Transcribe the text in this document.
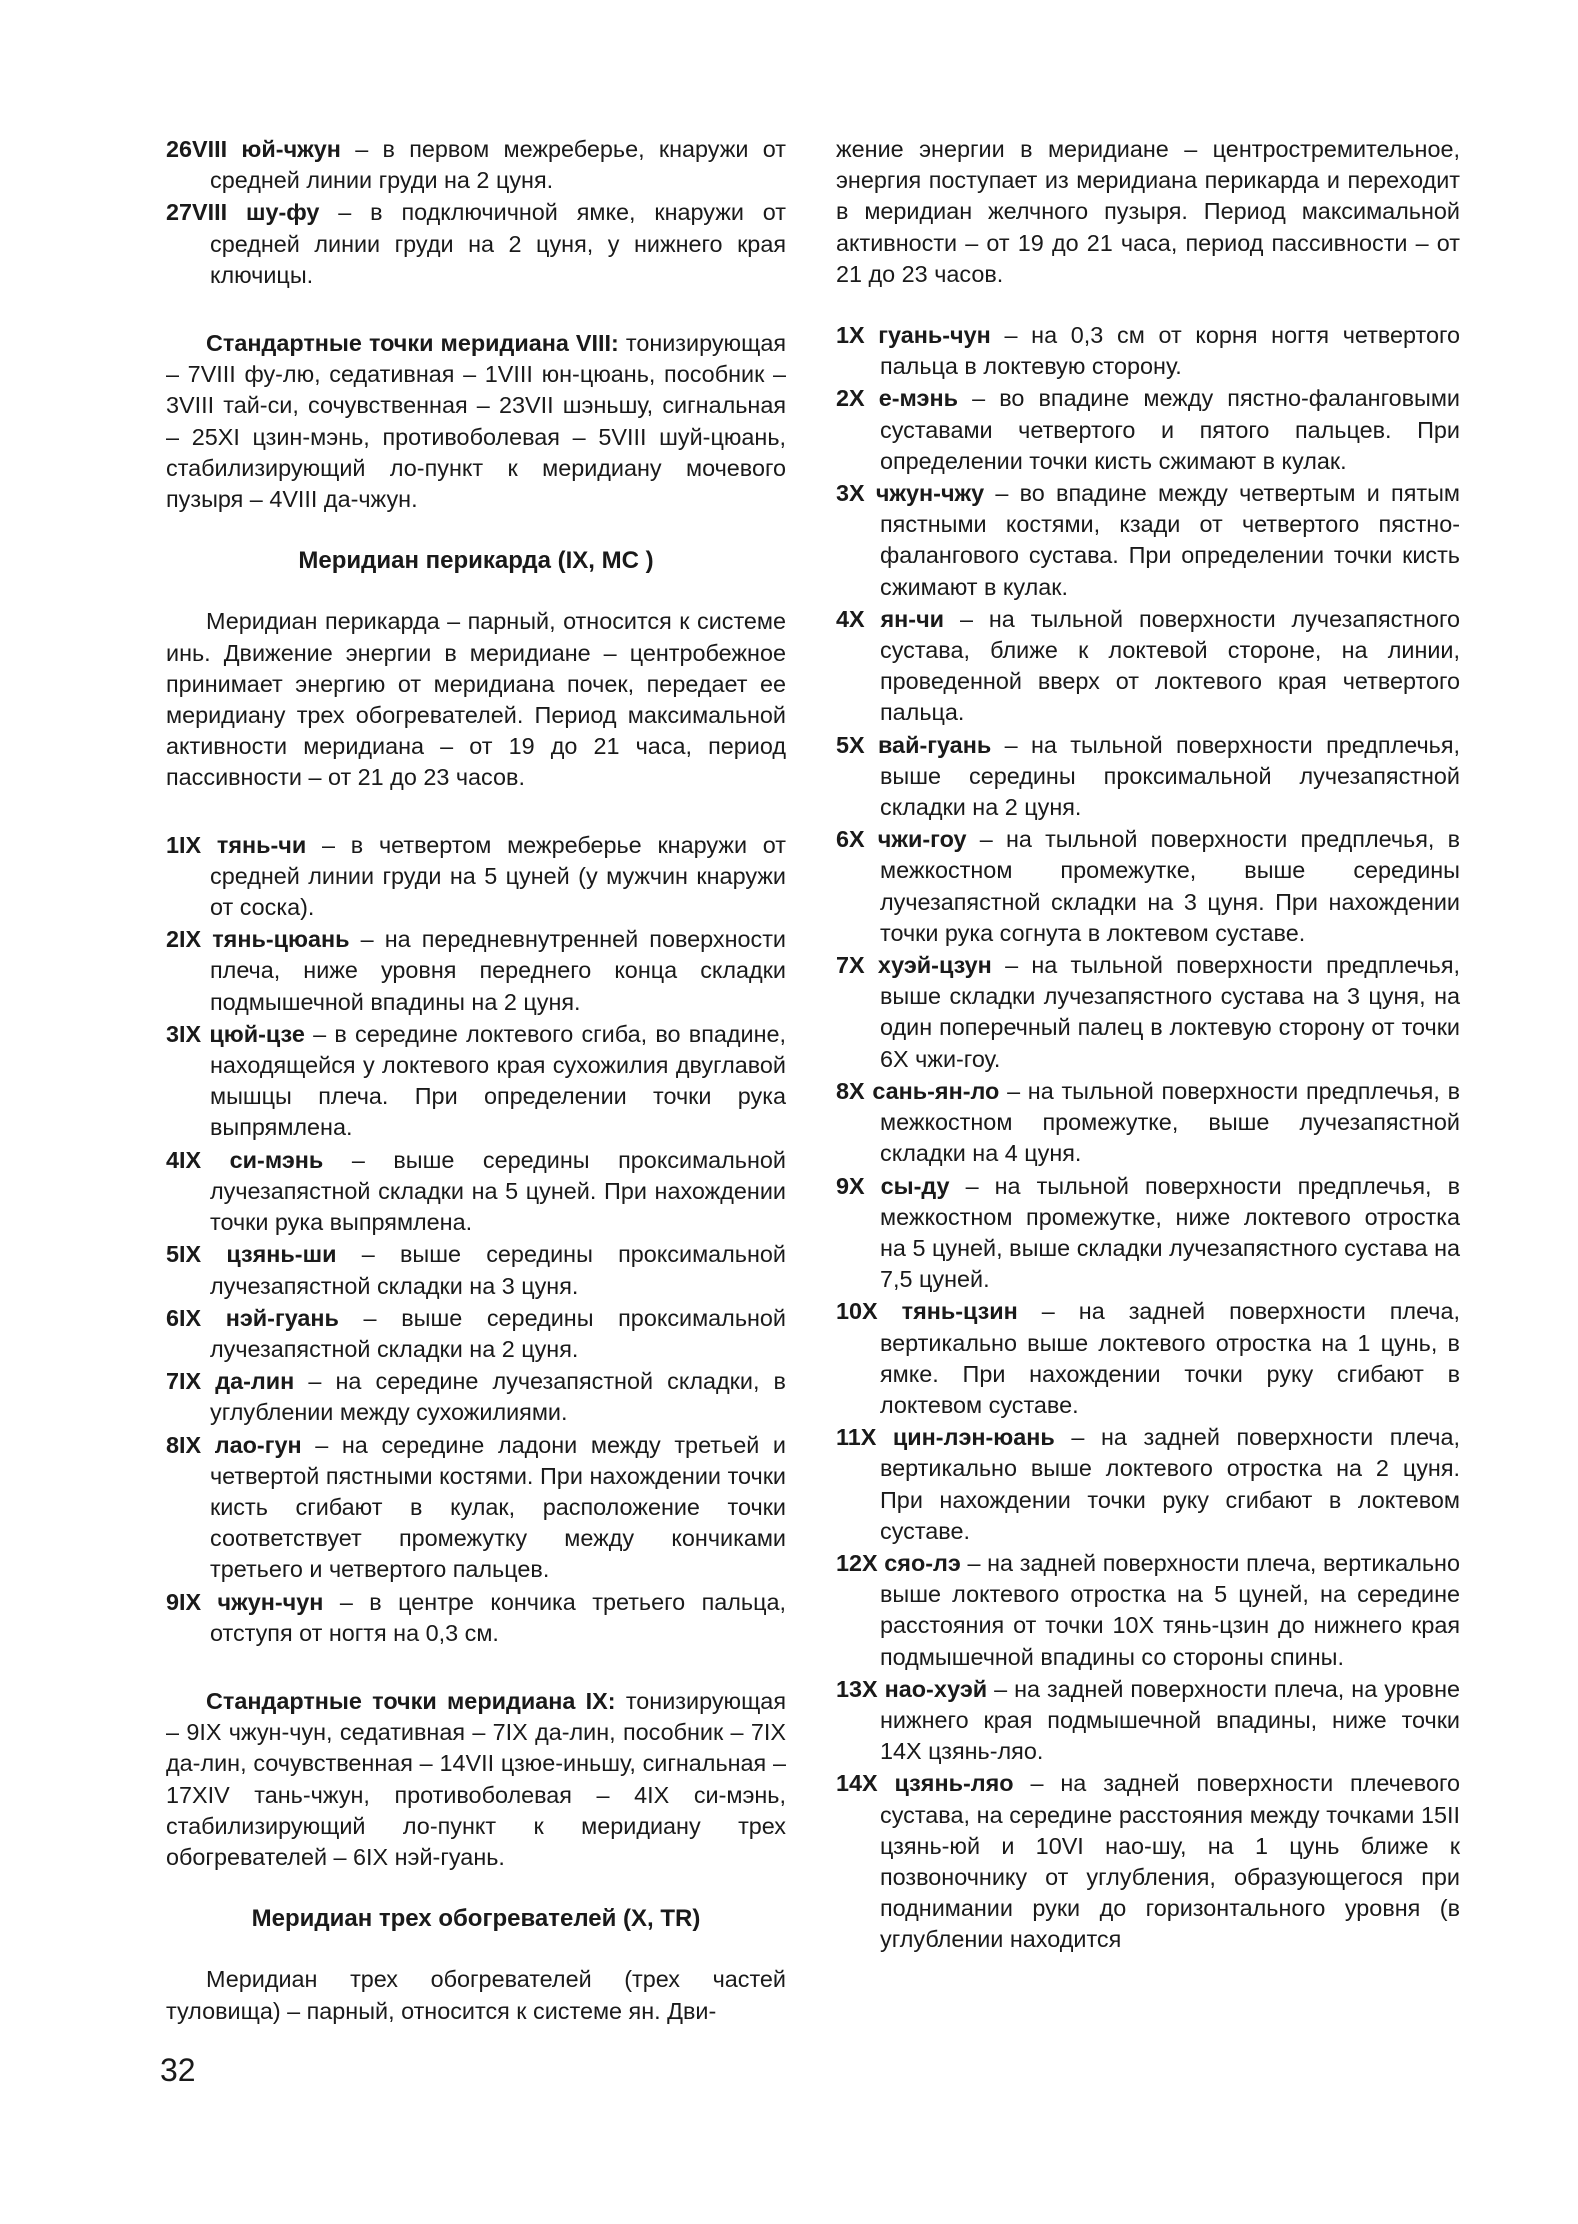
26VIII юй-чжун – в первом межреберье, кнаружи от средней линии груди на 2 цуня.

27VIII шу-фу – в подключичной ямке, кнаружи от средней линии груди на 2 цуня, у нижнего края ключицы.

Стандартные точки меридиана VIII: тонизирующая – 7VIII фу-лю, седативная – 1VIII юн-цюань, пособник – 3VIII тай-си, сочувственная – 23VII шэньшу, сигнальная – 25XI цзин-мэнь, противоболевая – 5VIII шуй-цюань, стабилизирующий ло-пункт к меридиану мочевого пузыря – 4VIII да-чжун.

Меридиан перикарда (IX, MC )

Меридиан перикарда – парный, относится к системе инь. Движение энергии в меридиане – центробежное принимает энергию от меридиана почек, передает ее меридиану трех обогревателей. Период максимальной активности меридиана – от 19 до 21 часа, период пассивности – от 21 до 23 часов.

1IX тянь-чи – в четвертом межреберье кнаружи от средней линии груди на 5 цуней (у мужчин кнаружи от соска).

2IX тянь-цюань – на передневнутренней поверхности плеча, ниже уровня переднего конца складки подмышечной впадины на 2 цуня.

3IX цюй-цзе – в середине локтевого сгиба, во впадине, находящейся у локтевого края сухожилия двуглавой мышцы плеча. При определении точки рука выпрямлена.

4IX си-мэнь – выше середины проксимальной лучезапястной складки на 5 цуней. При нахождении точки рука выпрямлена.

5IX цзянь-ши – выше середины проксимальной лучезапястной складки на 3 цуня.

6IX нэй-гуань – выше середины проксимальной лучезапястной складки на 2 цуня.

7IX да-лин – на середине лучезапястной складки, в углублении между сухожилиями.

8IX лао-гун – на середине ладони между третьей и четвертой пястными костями. При нахождении точки кисть сгибают в кулак, расположение точки соответствует промежутку между кончиками третьего и четвертого пальцев.

9IX чжун-чун – в центре кончика третьего пальца, отступя от ногтя на 0,3 см.

Стандартные точки меридиана IX: тонизирующая – 9IX чжун-чун, седативная – 7IX да-лин, пособник – 7IX да-лин, сочувственная – 14VII цзюе-иньшу, сигнальная – 17XIV тань-чжун, противоболевая – 4IX си-мэнь, стабилизирующий ло-пункт к меридиану трех обогревателей – 6IX нэй-гуань.

Меридиан трех обогревателей (X, TR)

Меридиан трех обогревателей (трех частей туловища) – парный, относится к системе ян. Дви-

жение энергии в меридиане – центростремительное, энергия поступает из меридиана перикарда и переходит в меридиан желчного пузыря. Период максимальной активности – от 19 до 21 часа, период пассивности – от 21 до 23 часов.

1X гуань-чун – на 0,3 см от корня ногтя четвертого пальца в локтевую сторону.

2X е-мэнь – во впадине между пястно-фаланговыми суставами четвертого и пятого пальцев. При определении точки кисть сжимают в кулак.

3X чжун-чжу – во впадине между четвертым и пятым пястными костями, кзади от четвертого пястно-фалангового сустава. При определении точки кисть сжимают в кулак.

4X ян-чи – на тыльной поверхности лучезапястного сустава, ближе к локтевой стороне, на линии, проведенной вверх от локтевого края четвертого пальца.

5X вай-гуань – на тыльной поверхности предплечья, выше середины проксимальной лучезапястной складки на 2 цуня.

6X чжи-гоу – на тыльной поверхности предплечья, в межкостном промежутке, выше середины лучезапястной складки на 3 цуня. При нахождении точки рука согнута в локтевом суставе.

7X хуэй-цзун – на тыльной поверхности предплечья, выше складки лучезапястного сустава на 3 цуня, на один поперечный палец в локтевую сторону от точки 6X чжи-гоу.

8X сань-ян-ло – на тыльной поверхности предплечья, в межкостном промежутке, выше лучезапястной складки на 4 цуня.

9X сы-ду – на тыльной поверхности предплечья, в межкостном промежутке, ниже локтевого отростка на 5 цуней, выше складки лучезапястного сустава на 7,5 цуней.

10X тянь-цзин – на задней поверхности плеча, вертикально выше локтевого отростка на 1 цунь, в ямке. При нахождении точки руку сгибают в локтевом суставе.

11X цин-лэн-юань – на задней поверхности плеча, вертикально выше локтевого отростка на 2 цуня. При нахождении точки руку сгибают в локтевом суставе.

12X сяо-лэ – на задней поверхности плеча, вертикально выше локтевого отростка на 5 цуней, на середине расстояния от точки 10X тянь-цзин до нижнего края подмышечной впадины со стороны спины.

13X нао-хуэй – на задней поверхности плеча, на уровне нижнего края подмышечной впадины, ниже точки 14X цзянь-ляо.

14X цзянь-ляо – на задней поверхности плечевого сустава, на середине расстояния между точками 15II цзянь-юй и 10VI нао-шу, на 1 цунь ближе к позвоночнику от углубления, образующегося при поднимании руки до горизонтального уровня (в углублении находится

32
